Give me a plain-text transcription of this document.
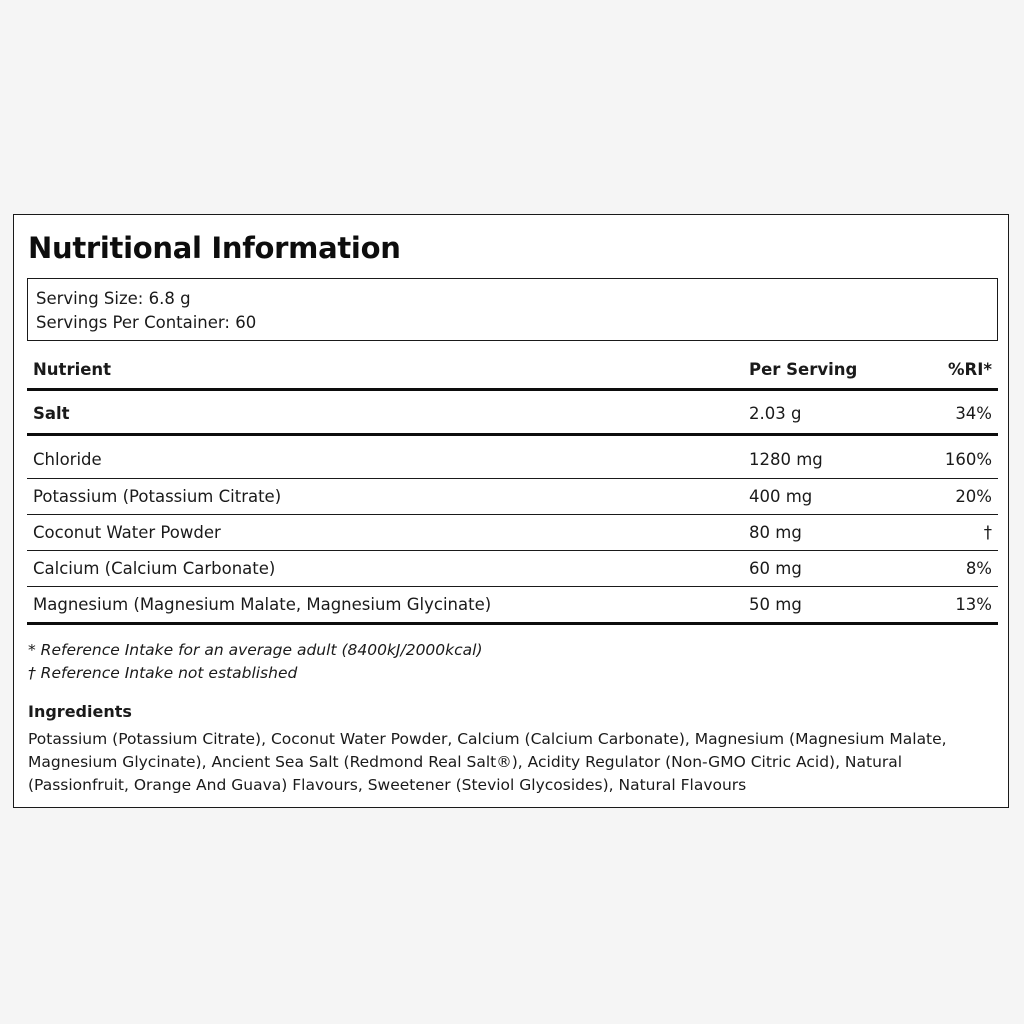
Nutritional Information
Serving Size: 6.8 g
Servings Per Container: 60
Nutrient	Per Serving	%RI*
Salt	2.03 g	34%
Chloride	1280 mg	160%
Potassium (Potassium Citrate)	400 mg	20%
Coconut Water Powder	80 mg	†
Calcium (Calcium Carbonate)	60 mg	8%
Magnesium (Magnesium Malate, Magnesium Glycinate)	50 mg	13%
* Reference Intake for an average adult (8400kJ/2000kcal)
† Reference Intake not established
Ingredients
Potassium (Potassium Citrate), Coconut Water Powder, Calcium (Calcium Carbonate), Magnesium (Magnesium Malate, Magnesium Glycinate), Ancient Sea Salt (Redmond Real Salt®), Acidity Regulator (Non-GMO Citric Acid), Natural (Passionfruit, Orange And Guava) Flavours, Sweetener (Steviol Glycosides), Natural Flavours
